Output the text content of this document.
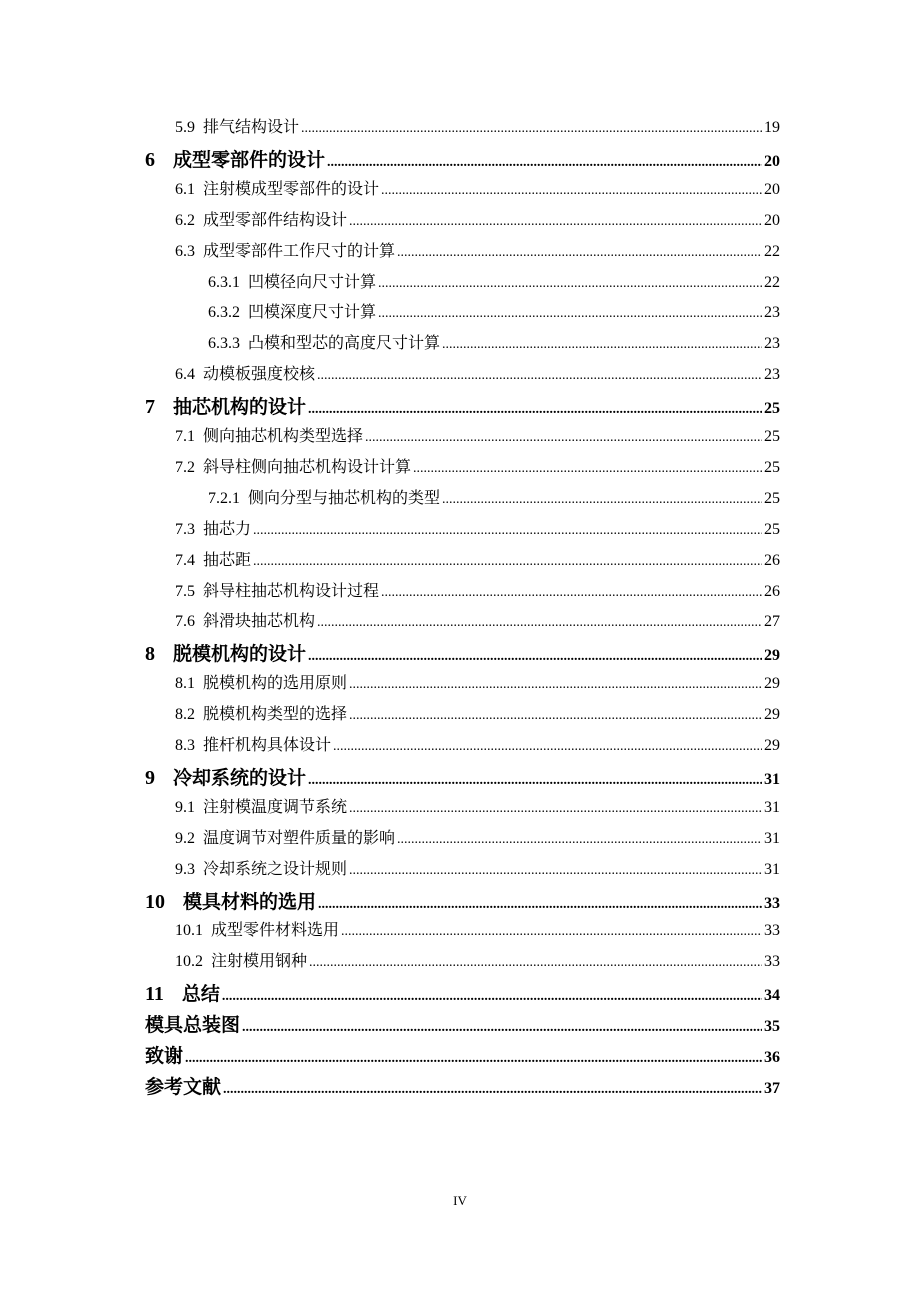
5.9 排气结构设计 .....	19
6 成型零部件的设计 .....	20
6.1 注射模成型零部件的设计 .....	20
6.2 成型零部件结构设计 .....	20
6.3 成型零部件工作尺寸的计算 .....	22
6.3.1 凹模径向尺寸计算 .....	22
6.3.2 凹模深度尺寸计算 .....	23
6.3.3 凸模和型芯的高度尺寸计算 .....	23
6.4 动模板强度校核 .....	23
7 抽芯机构的设计 .....	25
7.1 侧向抽芯机构类型选择 .....	25
7.2 斜导柱侧向抽芯机构设计计算 .....	25
7.2.1 侧向分型与抽芯机构的类型 .....	25
7.3 抽芯力 .....	25
7.4 抽芯距 .....	26
7.5 斜导柱抽芯机构设计过程 .....	26
7.6 斜滑块抽芯机构 .....	27
8 脱模机构的设计 .....	29
8.1 脱模机构的选用原则 .....	29
8.2 脱模机构类型的选择 .....	29
8.3 推杆机构具体设计 .....	29
9 冷却系统的设计 .....	31
9.1 注射模温度调节系统 .....	31
9.2 温度调节对塑件质量的影响 .....	31
9.3 冷却系统之设计规则 .....	31
10 模具材料的选用 .....	33
10.1 成型零件材料选用 .....	33
10.2 注射模用钢种 .....	33
11 总结 .....	34
模具总装图 .....	35
致谢 .....	36
参考文献 .....	37
IV
